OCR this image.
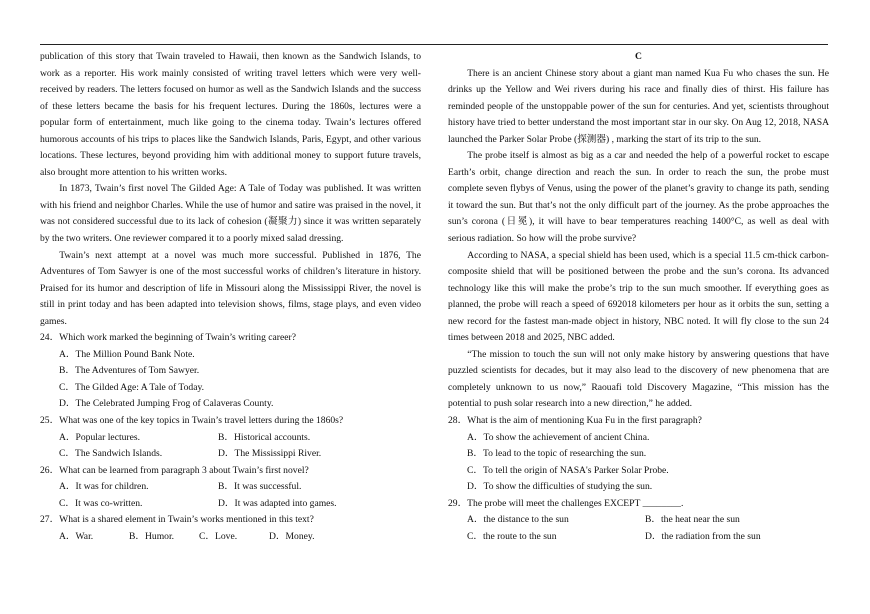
publication of this story that Twain traveled to Hawaii, then known as the Sandwich Islands, to work as a reporter. His work mainly consisted of writing travel letters which were very well-received by readers. The letters focused on humor as well as the Sandwich Islands and the success of these letters became the basis for his frequent lectures. During the 1860s, lectures were a popular form of entertainment, much like going to the cinema today. Twain’s lectures offered humorous accounts of his trips to places like the Sandwich Islands, Paris, Egypt, and other various locations. These lectures, beyond providing him with additional money to support future travels, also brought more attention to his written works.

In 1873, Twain’s first novel The Gilded Age: A Tale of Today was published. It was written with his friend and neighbor Charles. While the use of humor and satire was praised in the novel, it was not considered successful due to its lack of cohesion (凝聚力) since it was written separately by the two writers. One reviewer compared it to a poorly mixed salad dressing.

Twain’s next attempt at a novel was much more successful. Published in 1876, The Adventures of Tom Sawyer is one of the most successful works of children’s literature in history. Praised for its humor and description of life in Missouri along the Mississippi River, the novel is still in print today and has been adapted into television shows, films, stage plays, and even video games.

24．Which work marked the beginning of Twain’s writing career?

A．The Million Pound Bank Note.

B．The Adventures of Tom Sawyer.

C．The Gilded Age: A Tale of Today.

D．The Celebrated Jumping Frog of Calaveras County.

25．What was one of the key topics in Twain’s travel letters during the 1860s?

A．Popular lectures.	B．Historical accounts.
C．The Sandwich Islands.	D．The Mississippi River.

26．What can be learned from paragraph 3 about Twain’s first novel?

A．It was for children.	B．It was successful.
C．It was co-written.	D．It was adapted into games.

27．What is a shared element in Twain’s works mentioned in this text?

A．War.	B．Humor.	C．Love.	D．Money.

C

There is an ancient Chinese story about a giant man named Kua Fu who chases the sun. He drinks up the Yellow and Wei rivers during his race and finally dies of thirst. His failure has reminded people of the unstoppable power of the sun for centuries. And yet, scientists throughout history have tried to better understand the most important star in our sky. On Aug 12, 2018, NASA launched the Parker Solar Probe (探测器) , marking the start of its trip to the sun.

The probe itself is almost as big as a car and needed the help of a powerful rocket to escape Earth’s orbit, change direction and reach the sun. In order to reach the sun, the probe must complete seven flybys of Venus, using the power of the planet’s gravity to change its path, sending it toward the sun. But that’s not the only difficult part of the journey. As the probe approaches the sun’s corona (日冕), it will have to bear temperatures reaching 1400°C, as well as deal with serious radiation. So how will the probe survive?

According to NASA, a special shield has been used, which is a special 11.5 cm-thick carbon-composite shield that will be positioned between the probe and the sun’s corona. Its advanced technology like this will make the probe’s trip to the sun much smoother. If everything goes as planned, the probe will reach a speed of 692018 kilometers per hour as it orbits the sun, setting a new record for the fastest man-made object in history, NBC noted. It will fly close to the sun 24 times between 2018 and 2025, NBC added.

“The mission to touch the sun will not only make history by answering questions that have puzzled scientists for decades, but it may also lead to the discovery of new phenomena that are completely unknown to us now,” Raouafi told Discovery Magazine, “This mission has the potential to push solar research into a new direction,” he added.

28．What is the aim of mentioning Kua Fu in the first paragraph?

A．To show the achievement of ancient China.

B．To lead to the topic of researching the sun.

C．To tell the origin of NASA's Parker Solar Probe.

D．To show the difficulties of studying the sun.

29．The probe will meet the challenges EXCEPT ________.

A．the distance to the sun	B．the heat near the sun
C．the route to the sun	D．the radiation from the sun
